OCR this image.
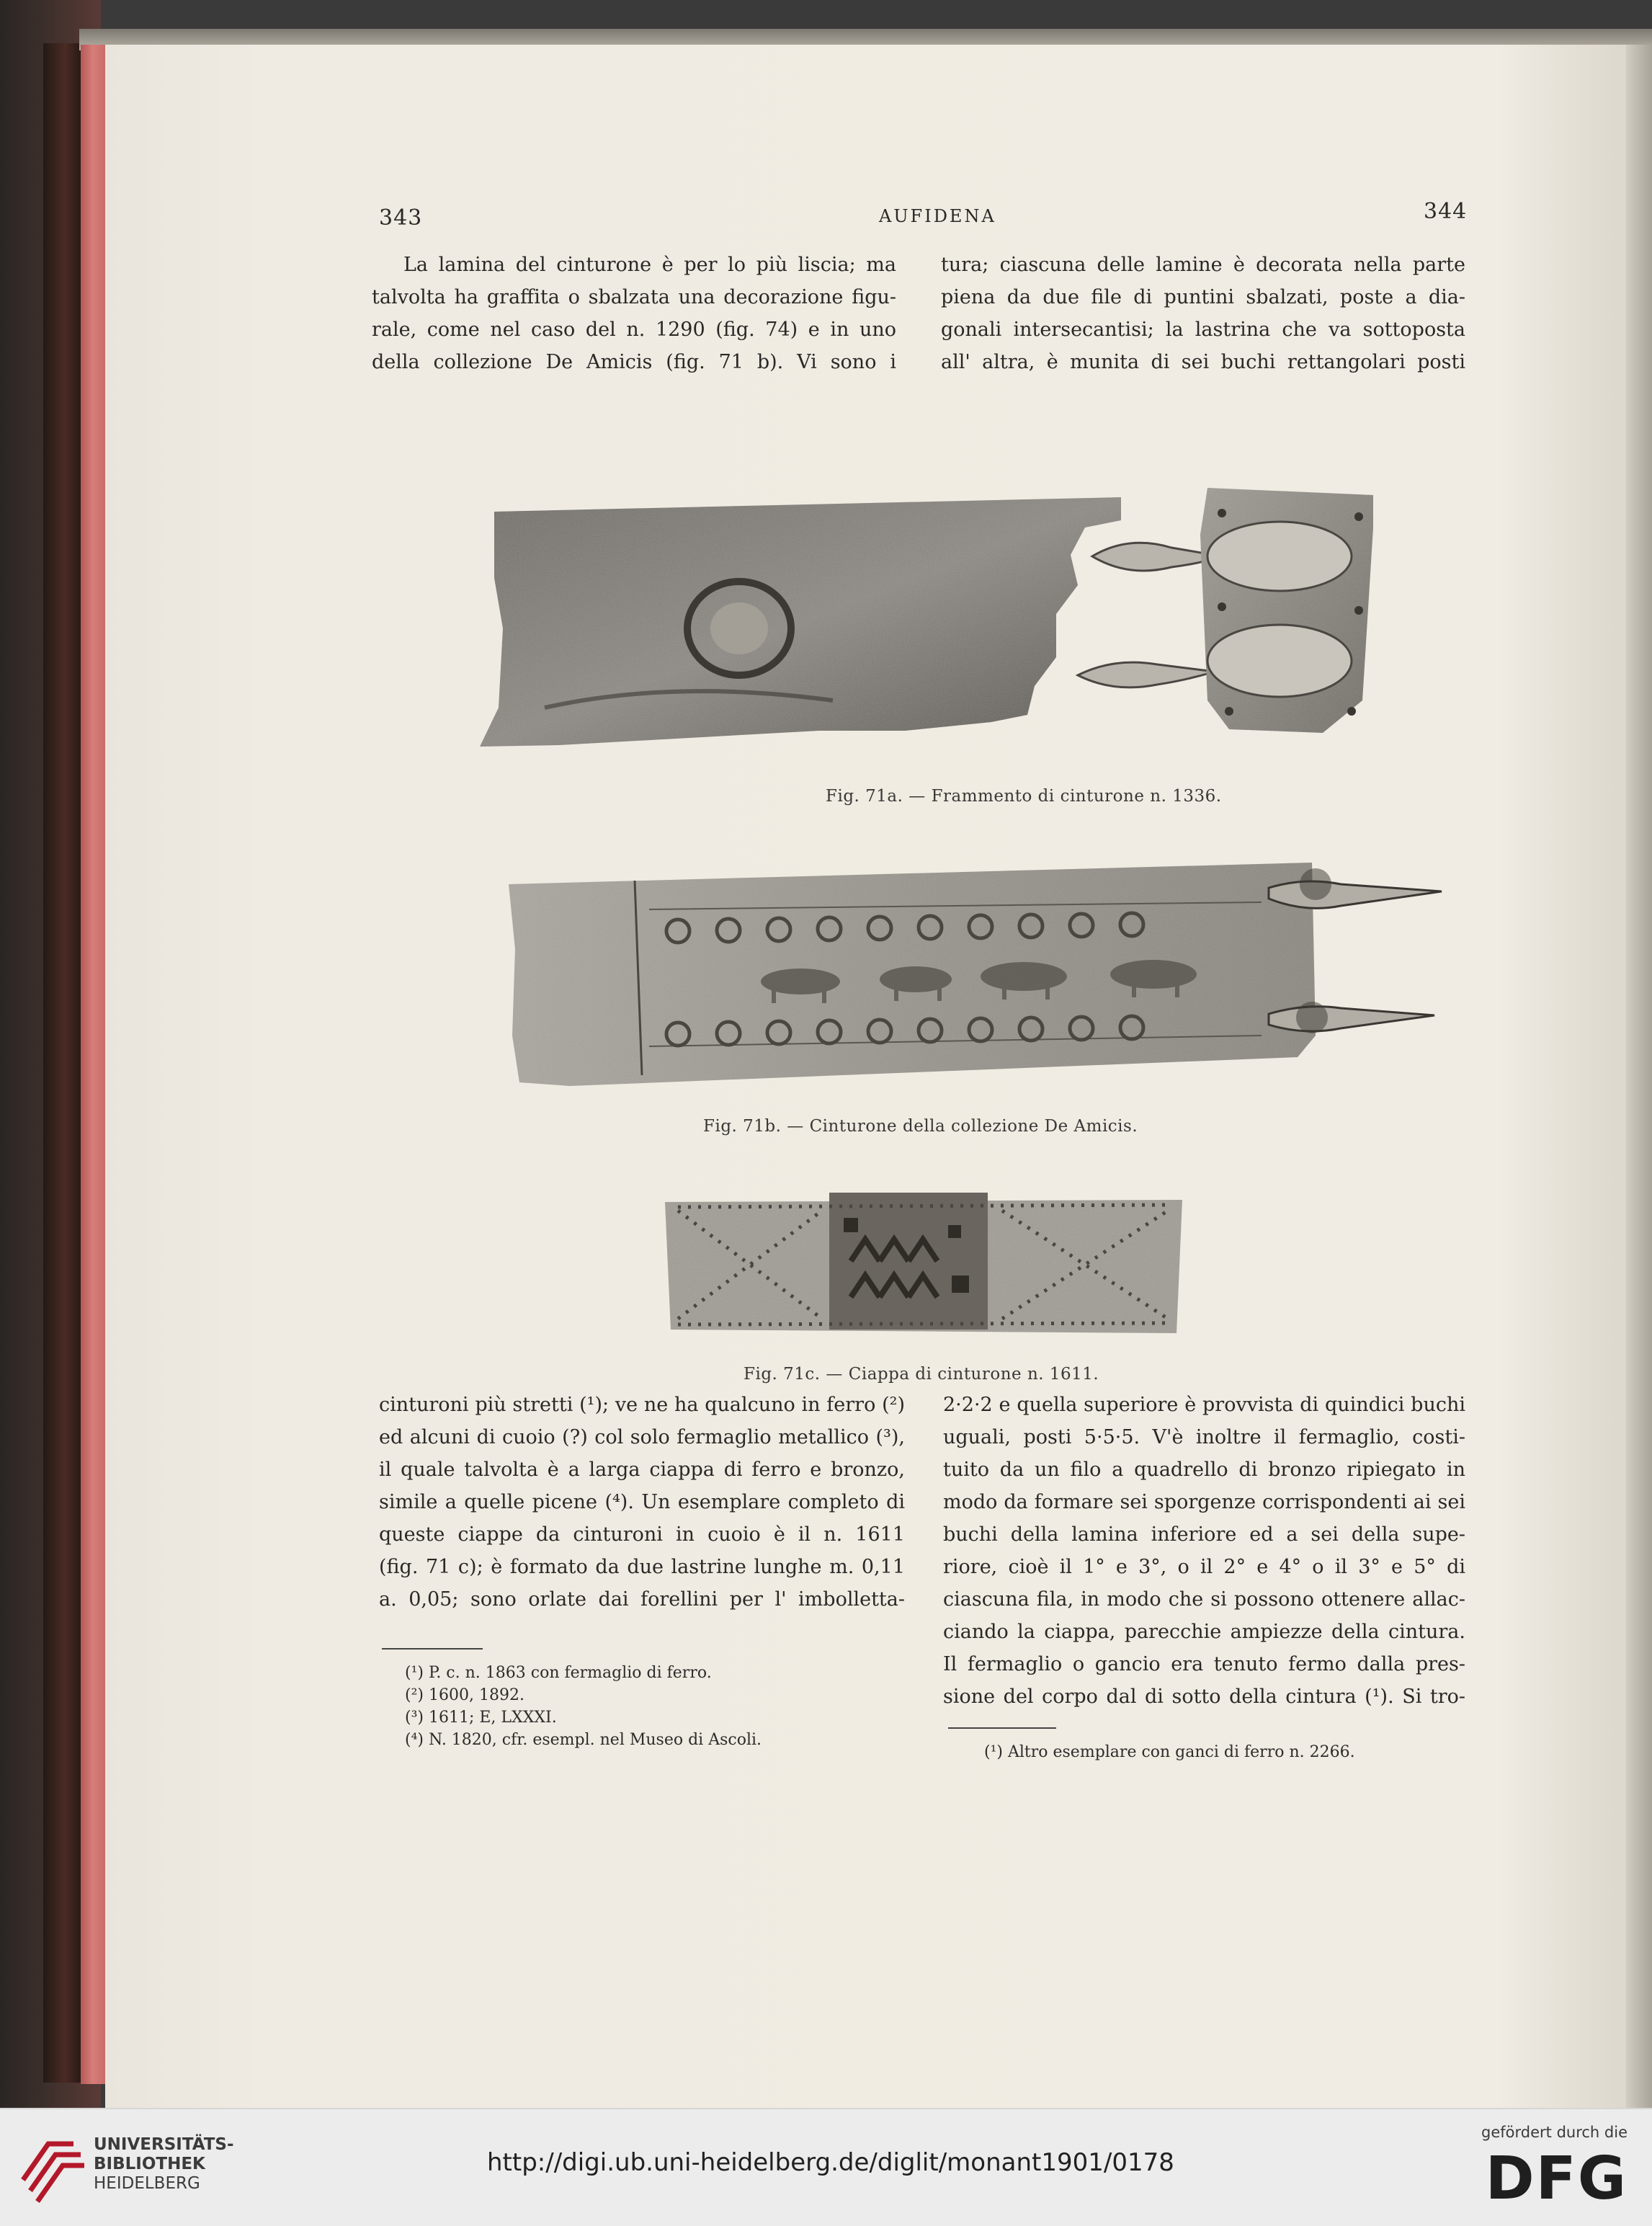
343	AUFIDENA	344

La lamina del cinturone è per lo più liscia; ma

talvolta ha graffita o sbalzata una decorazione figu-

rale, come nel caso del n. 1290 (fig. 74) e in uno

della collezione De Amicis (fig. 71 b). Vi sono i

tura; ciascuna delle lamine è decorata nella parte

piena da due file di puntini sbalzati, poste a dia-

gonali intersecantisi; la lastrina che va sottoposta

all' altra, è munita di sei buchi rettangolari posti

Fig. 71a. — Frammento di cinturone n. 1336.
Fig. 71b. — Cinturone della collezione De Amicis.
Fig. 71c. — Ciappa di cinturone n. 1611.

cinturoni più stretti (¹); ve ne ha qualcuno in ferro (²)

ed alcuni di cuoio (?) col solo fermaglio metallico (³),

il quale talvolta è a larga ciappa di ferro e bronzo,

simile a quelle picene (⁴). Un esemplare completo di

queste ciappe da cinturoni in cuoio è il n. 1611

(fig. 71 c); è formato da due lastrine lunghe m. 0,11

a. 0,05; sono orlate dai forellini per l' imbolletta-

2·2·2 e quella superiore è provvista di quindici buchi

uguali, posti 5·5·5. V'è inoltre il fermaglio, costi-

tuito da un filo a quadrello di bronzo ripiegato in

modo da formare sei sporgenze corrispondenti ai sei

buchi della lamina inferiore ed a sei della supe-

riore, cioè il 1° e 3°, o il 2° e 4° o il 3° e 5° di

ciascuna fila, in modo che si possono ottenere allac-

ciando la ciappa, parecchie ampiezze della cintura.

Il fermaglio o gancio era tenuto fermo dalla pres-

sione del corpo dal di sotto della cintura (¹). Si tro-

(¹) P. c. n. 1863 con fermaglio di ferro.
(²) 1600, 1892.
(³) 1611; E, LXXXI.
(⁴) N. 1820, cfr. esempl. nel Museo di Ascoli.
(¹) Altro esemplare con ganci di ferro n. 2266.
UNIVERSITÄTS-
BIBLIOTHEK
HEIDELBERG
http://digi.ub.uni-heidelberg.de/diglit/monant1901/0178
gefördert durch die
DFG
